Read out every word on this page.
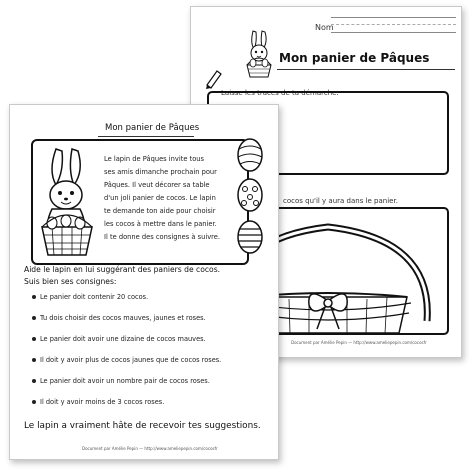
Nom
Mon panier de Pâques
Laisse les traces de ta démarche.
cocos qu'il y aura dans le panier.
Document par Amélie Pepin — http://www.ameliepepin.com/cocosfr
Mon panier de Pâques
Le lapin de Pâques invite tous
ses amis dimanche prochain pour
Pâques. Il veut décorer sa table
d'un joli panier de cocos. Le lapin
te demande ton aide pour choisir
les cocos à mettre dans le panier.
Il te donne des consignes à suivre.
Aide le lapin en lui suggérant des paniers de cocos.
Suis bien ses consignes:
Le panier doit contenir 20 cocos.
Tu dois choisir des cocos mauves, jaunes et roses.
Le panier doit avoir une dizaine de cocos mauves.
Il doit y avoir plus de cocos jaunes que de cocos roses.
Le panier doit avoir un nombre pair de cocos roses.
Il doit y avoir moins de 3 cocos roses.
Le lapin a vraiment hâte de recevoir tes suggestions.
Document par Amélie Pepin — http://www.ameliepepin.com/cocosfr
